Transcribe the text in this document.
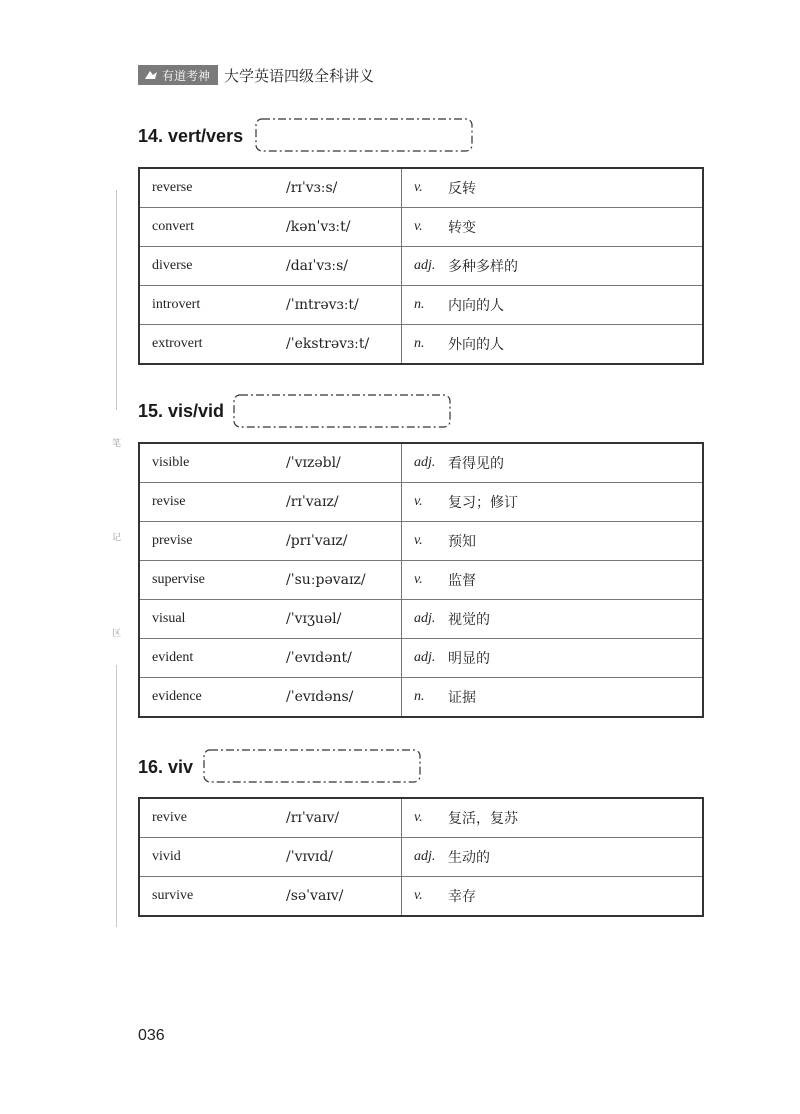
有道考神 大学英语四级全科讲义
笔
记
区
14. vert/vers
reverse	/rɪˈvɜːs/	v.	反转
convert	/kənˈvɜːt/	v.	转变
diverse	/daɪˈvɜːs/	adj.	多种多样的
introvert	/ˈɪntrəvɜːt/	n.	内向的人
extrovert	/ˈekstrəvɜːt/	n.	外向的人
15. vis/vid
visible	/ˈvɪzəbl/	adj.	看得见的
revise	/rɪˈvaɪz/	v.	复习；修订
previse	/prɪˈvaɪz/	v.	预知
supervise	/ˈsuːpəvaɪz/	v.	监督
visual	/ˈvɪʒuəl/	adj.	视觉的
evident	/ˈevɪdənt/	adj.	明显的
evidence	/ˈevɪdəns/	n.	证据
16. viv
revive	/rɪˈvaɪv/	v.	复活，复苏
vivid	/ˈvɪvɪd/	adj.	生动的
survive	/səˈvaɪv/	v.	幸存
036
